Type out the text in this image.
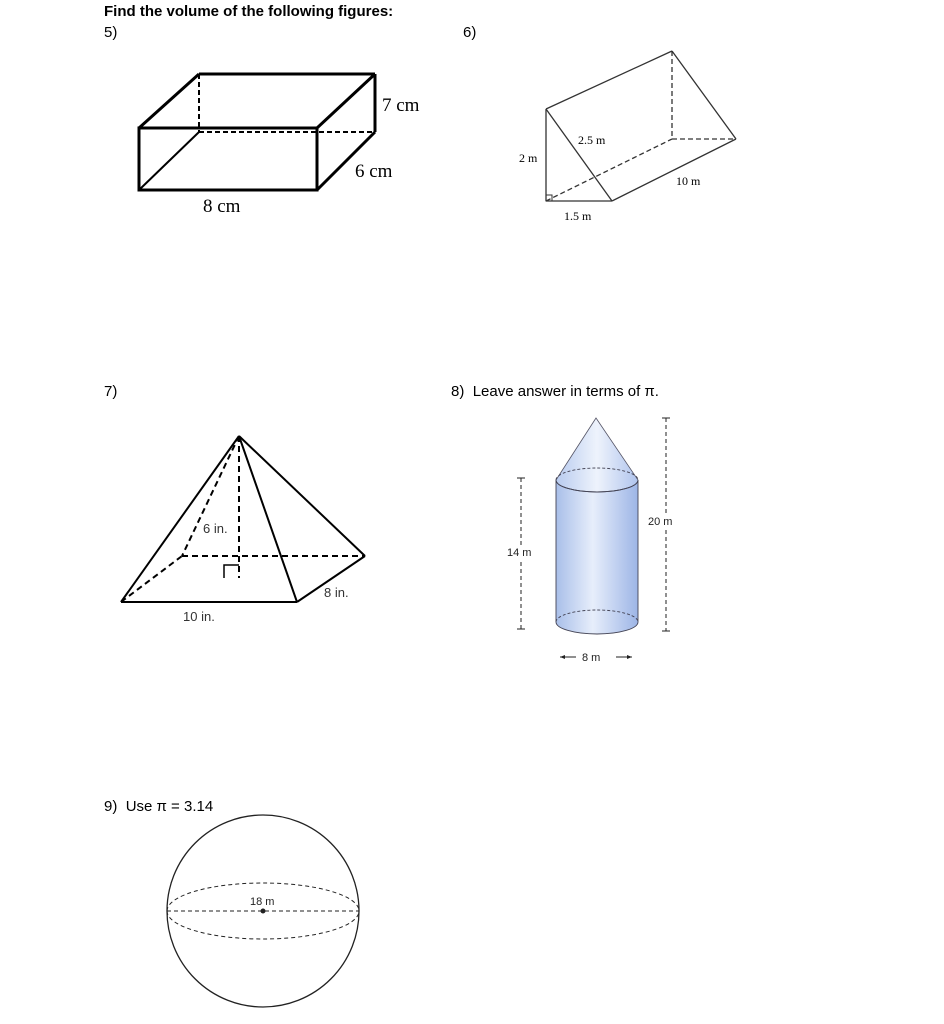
Find the volume of the following figures:
5)	6)
7)	8) Leave answer in terms of π.
9) Use π = 3.14
7 cm
6 cm
8 cm
2 m
2.5 m
10 m
1.5 m
6 in.
8 in.
10 in.
14 m
20 m
8 m
18 m
